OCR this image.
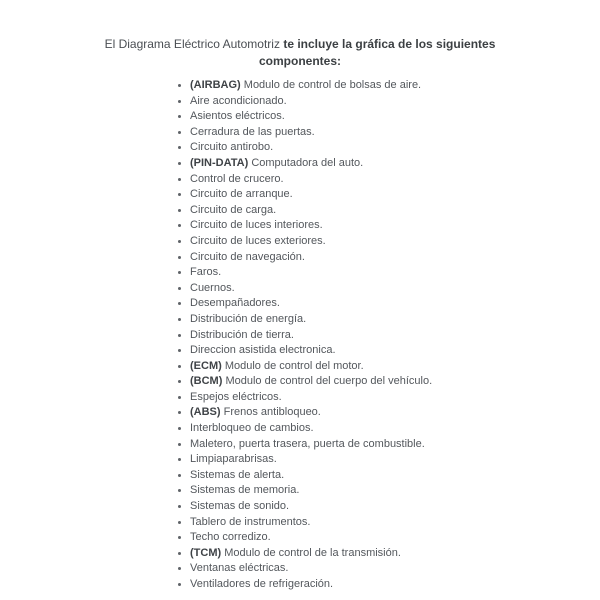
El Diagrama Eléctrico Automotriz te incluye la gráfica de los siguientes componentes:

• (AIRBAG) Modulo de control de bolsas de aire.
• Aire acondicionado.
• Asientos eléctricos.
• Cerradura de las puertas.
• Circuito antirobo.
• (PIN-DATA) Computadora del auto.
• Control de crucero.
• Circuito de arranque.
• Circuito de carga.
• Circuito de luces interiores.
• Circuito de luces exteriores.
• Circuito de navegación.
• Faros.
• Cuernos.
• Desempañadores.
• Distribución de energía.
• Distribución de tierra.
• Direccion asistida electronica.
• (ECM) Modulo de control del motor.
• (BCM) Modulo de control del cuerpo del vehículo.
• Espejos eléctricos.
• (ABS) Frenos antibloqueo.
• Interbloqueo de cambios.
• Maletero, puerta trasera, puerta de combustible.
• Limpiaparabrisas.
• Sistemas de alerta.
• Sistemas de memoria.
• Sistemas de sonido.
• Tablero de instrumentos.
• Techo corredizo.
• (TCM) Modulo de control de la transmisión.
• Ventanas eléctricas.
• Ventiladores de refrigeración.
